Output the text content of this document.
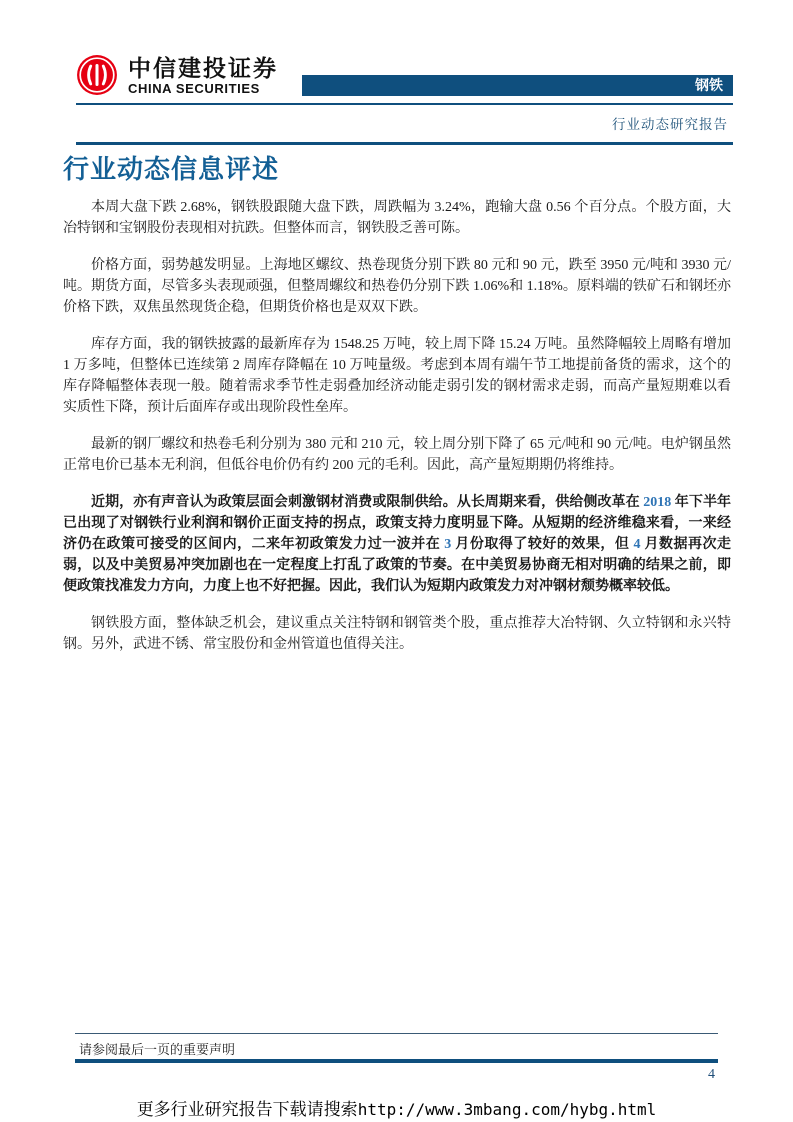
中信建投证券
CHINA SECURITIES	钢铁
行业动态研究报告
行业动态信息评述

本周大盘下跌 2.68%，钢铁股跟随大盘下跌，周跌幅为 3.24%，跑输大盘 0.56 个百分点。个股方面，大冶特钢和宝钢股份表现相对抗跌。但整体而言，钢铁股乏善可陈。

价格方面，弱势越发明显。上海地区螺纹、热卷现货分别下跌 80 元和 90 元，跌至 3950 元/吨和 3930 元/吨。期货方面，尽管多头表现顽强，但整周螺纹和热卷仍分别下跌 1.06%和 1.18%。原料端的铁矿石和钢坯亦价格下跌，双焦虽然现货企稳，但期货价格也是双双下跌。

库存方面，我的钢铁披露的最新库存为 1548.25 万吨，较上周下降 15.24 万吨。虽然降幅较上周略有增加 1 万多吨，但整体已连续第 2 周库存降幅在 10 万吨量级。考虑到本周有端午节工地提前备货的需求，这个的库存降幅整体表现一般。随着需求季节性走弱叠加经济动能走弱引发的钢材需求走弱，而高产量短期难以看实质性下降，预计后面库存或出现阶段性垒库。

最新的钢厂螺纹和热卷毛利分别为 380 元和 210 元，较上周分别下降了 65 元/吨和 90 元/吨。电炉钢虽然正常电价已基本无利润，但低谷电价仍有约 200 元的毛利。因此，高产量短期期仍将维持。

近期，亦有声音认为政策层面会刺激钢材消费或限制供给。从长周期来看，供给侧改革在 2018 年下半年已出现了对钢铁行业利润和钢价正面支持的拐点，政策支持力度明显下降。从短期的经济维稳来看，一来经济仍在政策可接受的区间内，二来年初政策发力过一波并在 3 月份取得了较好的效果，但 4 月数据再次走弱，以及中美贸易冲突加剧也在一定程度上打乱了政策的节奏。在中美贸易协商无相对明确的结果之前，即便政策找准发力方向，力度上也不好把握。因此，我们认为短期内政策发力对冲钢材颓势概率较低。

钢铁股方面，整体缺乏机会，建议重点关注特钢和钢管类个股，重点推荐大冶特钢、久立特钢和永兴特钢。另外，武进不锈、常宝股份和金州管道也值得关注。

请参阅最后一页的重要声明
4
更多行业研究报告下载请搜索http://www.3mbang.com/hybg.html
